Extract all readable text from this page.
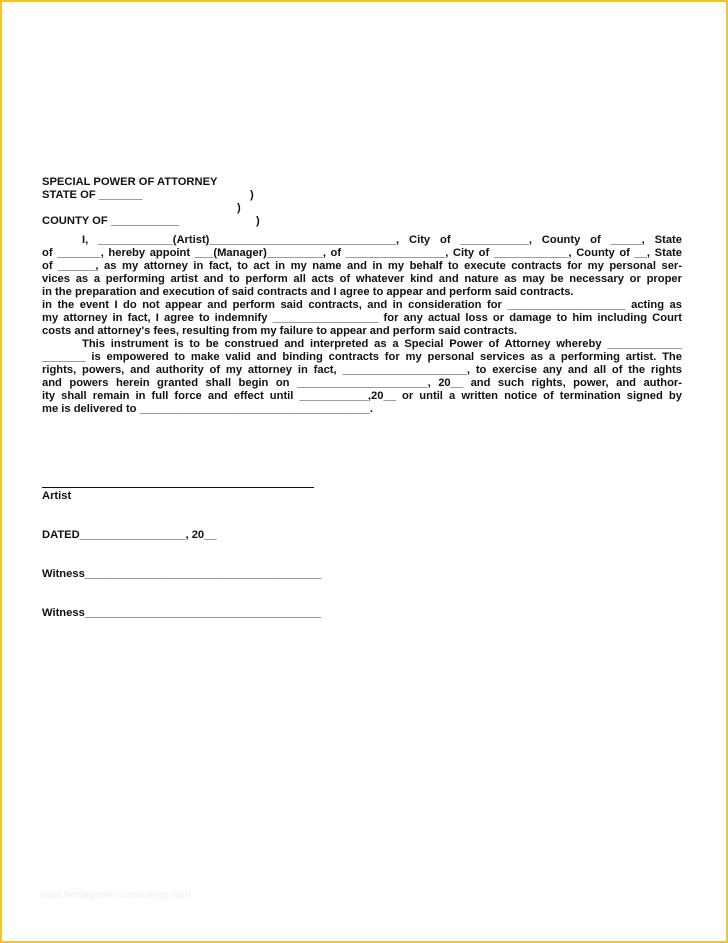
SPECIAL POWER OF ATTORNEY
STATE OF _______	)
)
COUNTY OF ___________	)
I, ____________(Artist)______________________________, City of ___________, County of _____, State
of _______, hereby appoint ___(Manager)_________, of ________________, City of ____________, County of __, State
of ______, as my attorney in fact, to act in my name and in my behalf to execute contracts for my personal ser-
vices as a performing artist and to perform all acts of whatever kind and nature as may be necessary or proper
in the preparation and execution of said contracts and I agree to appear and perform said contracts.
in the event I do not appear and perform said contracts, and in consideration for ___________________ acting as
my attorney in fact, I agree to indemnify _________________ for any actual loss or damage to him including Court
costs and attorney's fees, resulting from my failure to appear and perform said contracts.
This instrument is to be construed and interpreted as a Special Power of Attorney whereby ____________
_______ is empowered to make valid and binding contracts for my personal services as a performing artist. The
rights, powers, and authority of my attorney in fact, ____________________, to exercise any and all of the rights
and powers herein granted shall begin on _____________________, 20__ and such rights, power, and author-
ity shall remain in full force and effect until ___________,20__ or until a written notice of termination signed by
me is delivered to _____________________________________.
Artist
DATED_________________, 20__
Witness______________________________________
Witness______________________________________
www.heritagechristiancollege.com
